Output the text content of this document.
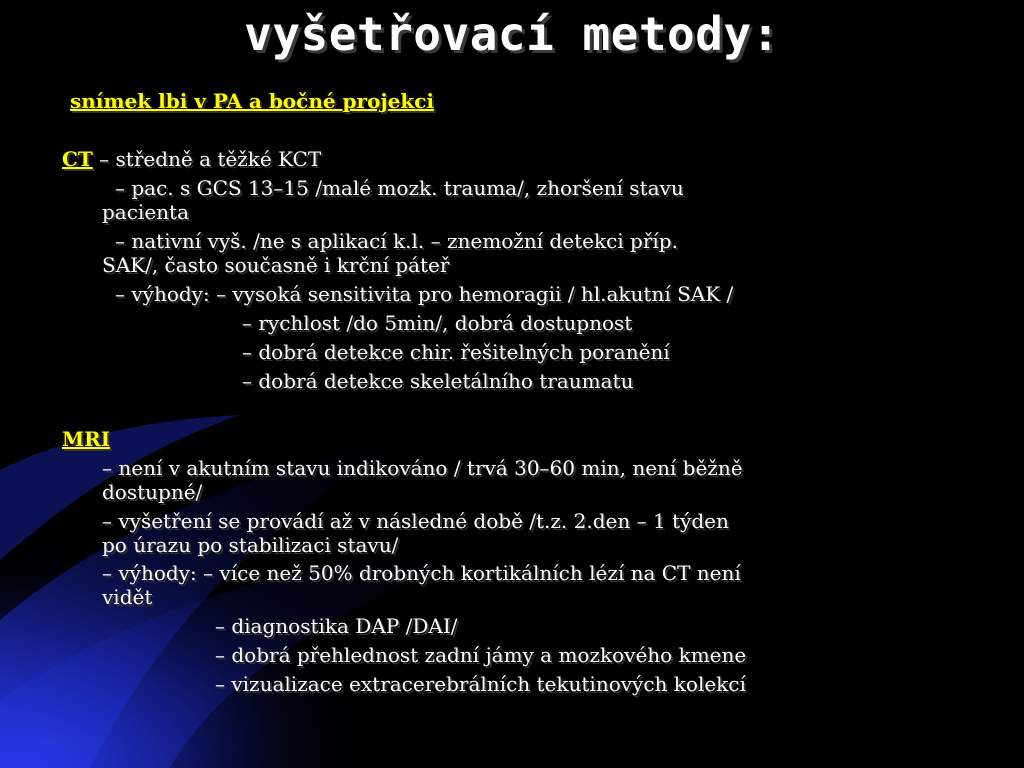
vyšetřovací metody:
snímek lbi v PA a bočné projekci
CT – středně a těžké KCT
– pac. s GCS 13–15 /malé mozk. trauma/, zhoršení stavu
pacienta
– nativní vyš. /ne s aplikací k.l. – znemožní detekci příp.
SAK/, často současně i krční páteř
– výhody: – vysoká sensitivita pro hemoragii / hl.akutní SAK /
– rychlost /do 5min/, dobrá dostupnost
– dobrá detekce chir. řešitelných poranění
– dobrá detekce skeletálního traumatu
MRI
– není v akutním stavu indikováno / trvá 30–60 min, není běžně
dostupné/
– vyšetření se provádí až v následné době /t.z. 2.den – 1 týden
po úrazu po stabilizaci stavu/
– výhody: – více než 50% drobných kortikálních lézí na CT není
vidět
– diagnostika DAP /DAI/
– dobrá přehlednost zadní jámy a mozkového kmene
– vizualizace extracerebrálních tekutinových kolekcí
